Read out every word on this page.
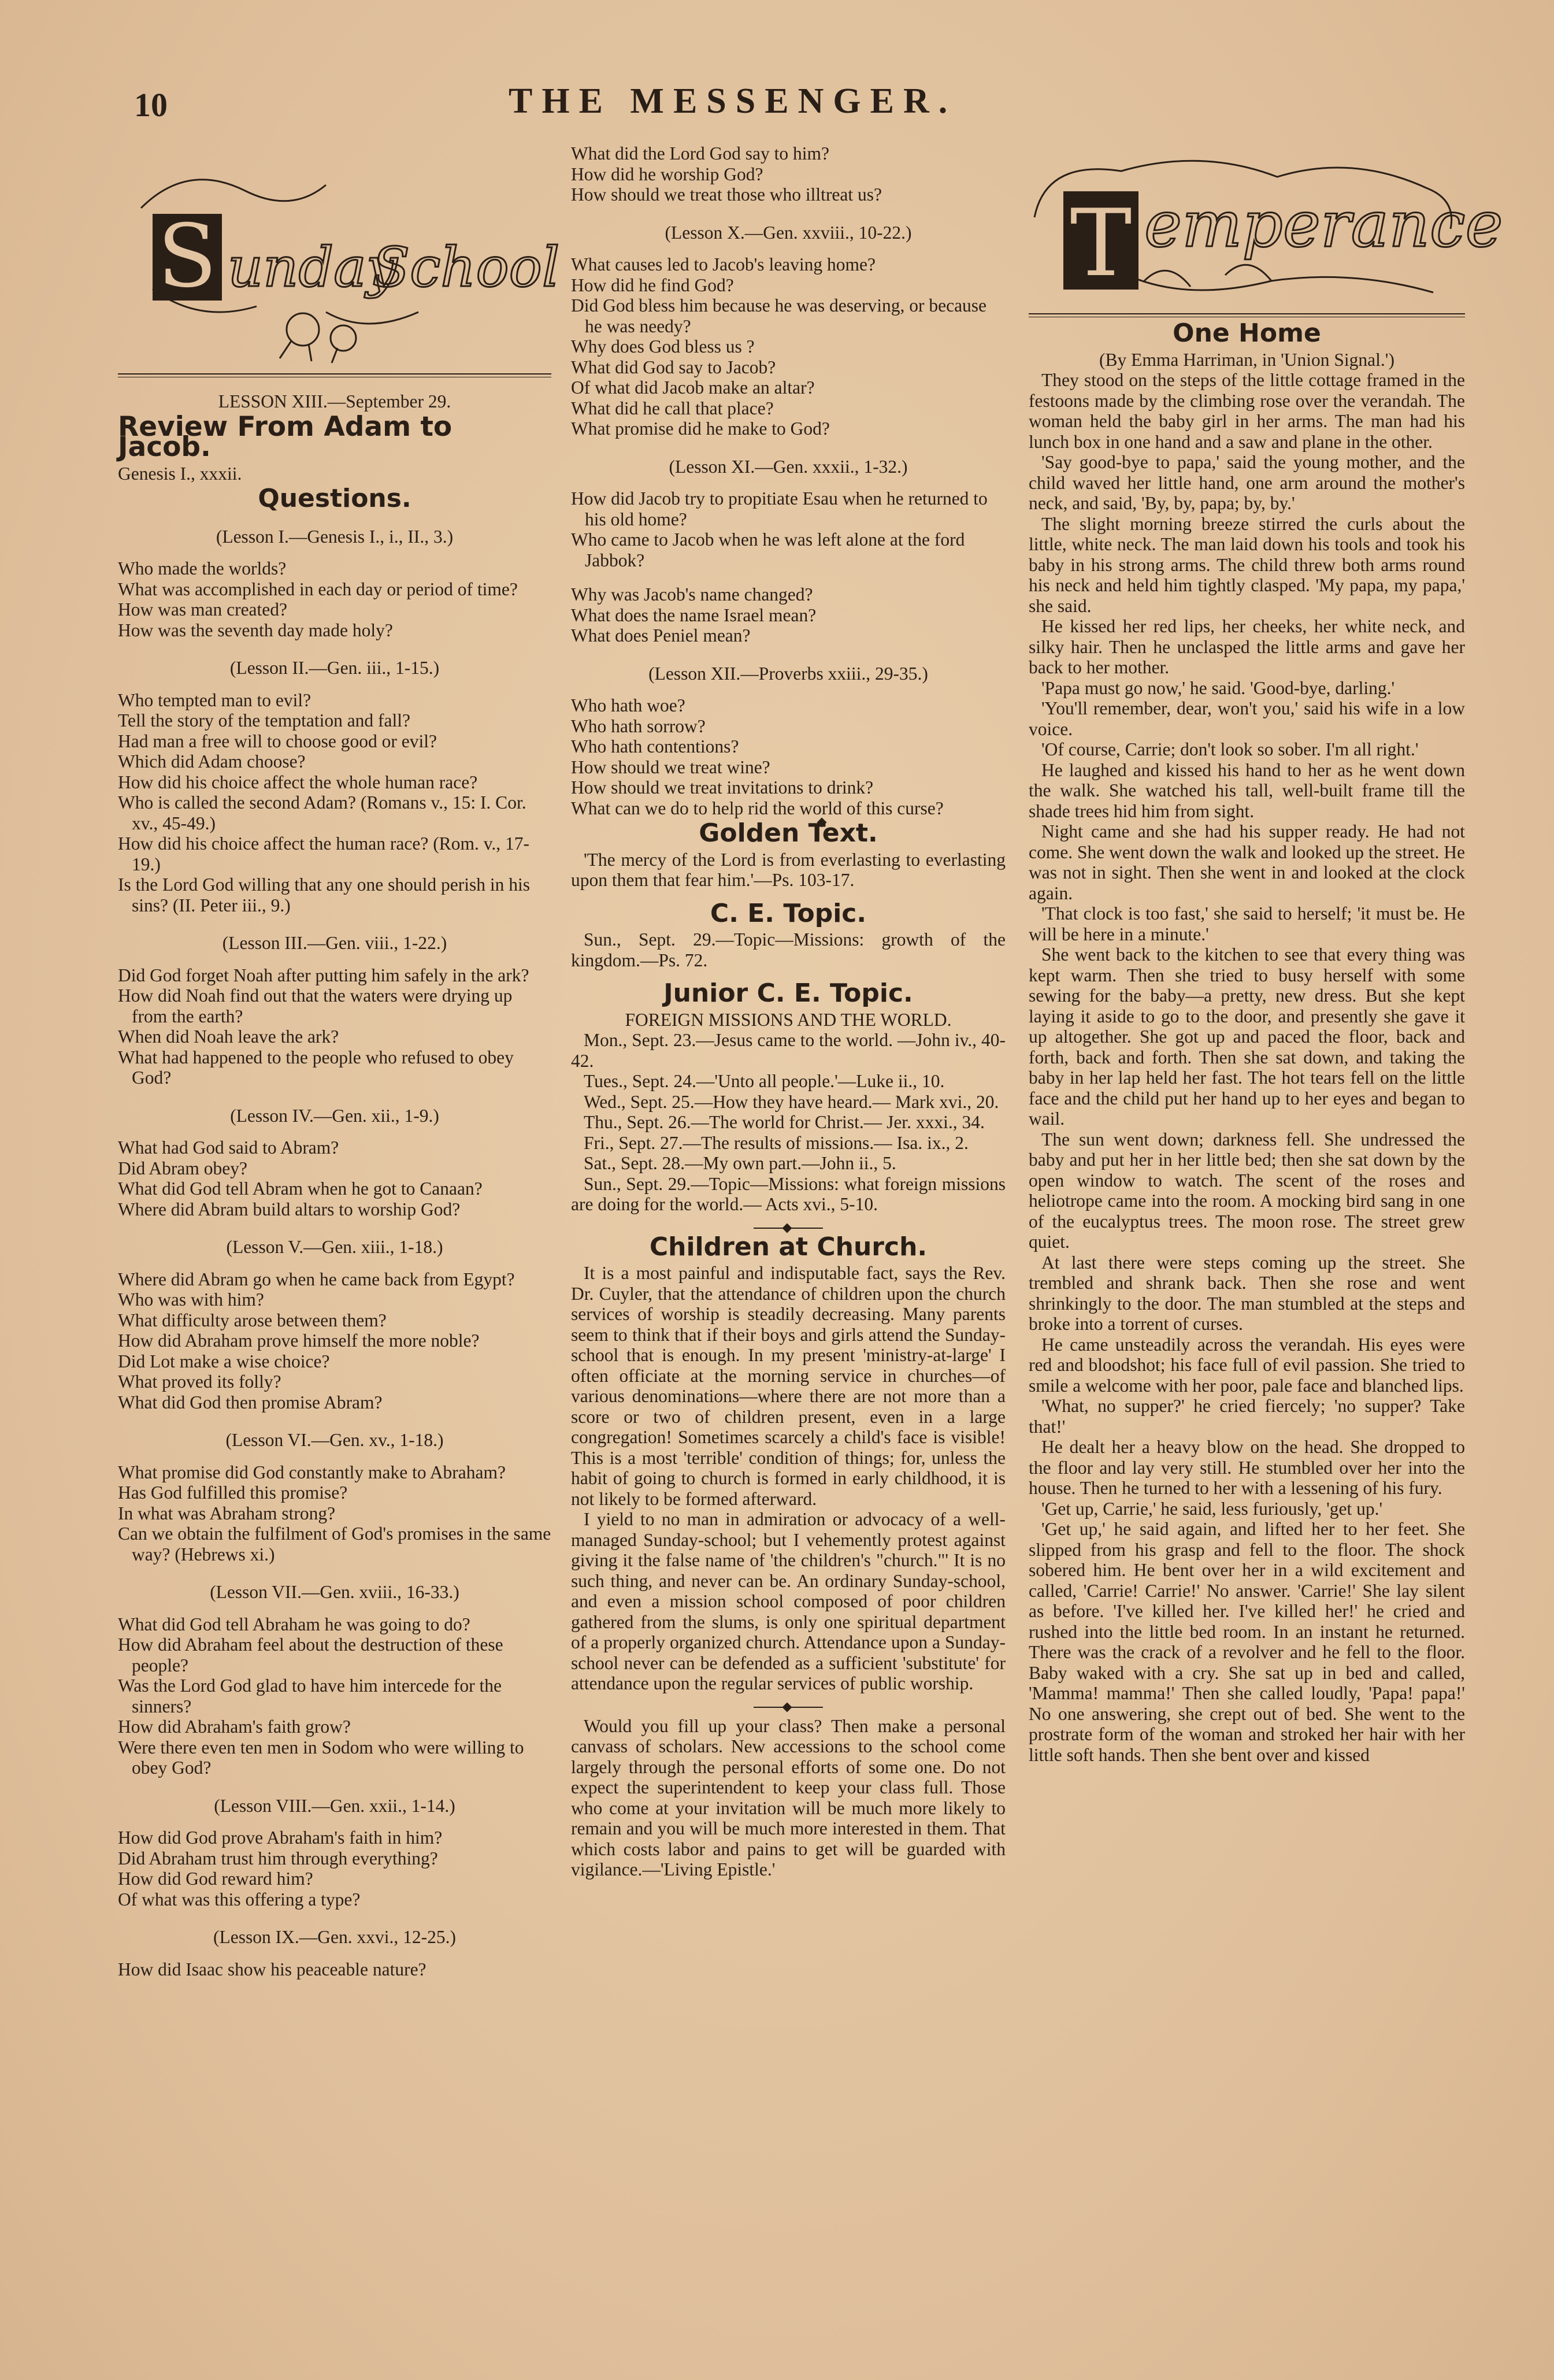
10	THE MESSENGER.
S unday
School

LESSON XIII.—September 29.

Review From Adam to Jacob.

Genesis I., xxxii.

Questions.

(Lesson I.—Genesis I., i., II., 3.)

Who made the worlds?

What was accomplished in each day or period of time?

How was man created?

How was the seventh day made holy?

(Lesson II.—Gen. iii., 1-15.)

Who tempted man to evil?

Tell the story of the temptation and fall?

Had man a free will to choose good or evil?

Which did Adam choose?

How did his choice affect the whole human race?

Who is called the second Adam? (Romans v., 15: I. Cor. xv., 45-49.)

How did his choice affect the human race? (Rom. v., 17-19.)

Is the Lord God willing that any one should perish in his sins? (II. Peter iii., 9.)

(Lesson III.—Gen. viii., 1-22.)

Did God forget Noah after putting him safely in the ark?

How did Noah find out that the waters were drying up from the earth?

When did Noah leave the ark?

What had happened to the people who refused to obey God?

(Lesson IV.—Gen. xii., 1-9.)

What had God said to Abram?

Did Abram obey?

What did God tell Abram when he got to Canaan?

Where did Abram build altars to worship God?

(Lesson V.—Gen. xiii., 1-18.)

Where did Abram go when he came back from Egypt?

Who was with him?

What difficulty arose between them?

How did Abraham prove himself the more noble?

Did Lot make a wise choice?

What proved its folly?

What did God then promise Abram?

(Lesson VI.—Gen. xv., 1-18.)

What promise did God constantly make to Abraham?

Has God fulfilled this promise?

In what was Abraham strong?

Can we obtain the fulfilment of God's promises in the same way? (Hebrews xi.)

(Lesson VII.—Gen. xviii., 16-33.)

What did God tell Abraham he was going to do?

How did Abraham feel about the destruction of these people?

Was the Lord God glad to have him intercede for the sinners?

How did Abraham's faith grow?

Were there even ten men in Sodom who were willing to obey God?

(Lesson VIII.—Gen. xxii., 1-14.)

How did God prove Abraham's faith in him?

Did Abraham trust him through everything?

How did God reward him?

Of what was this offering a type?

(Lesson IX.—Gen. xxvi., 12-25.)

How did Isaac show his peaceable nature?

What did the Lord God say to him?

How did he worship God?

How should we treat those who illtreat us?

(Lesson X.—Gen. xxviii., 10-22.)

What causes led to Jacob's leaving home?

How did he find God?

Did God bless him because he was deserving, or because he was needy?

Why does God bless us ?

What did God say to Jacob?

Of what did Jacob make an altar?

What did he call that place?

What promise did he make to God?

(Lesson XI.—Gen. xxxii., 1-32.)

How did Jacob try to propitiate Esau when he returned to his old home?

Who came to Jacob when he was left alone at the ford Jabbok?

Why was Jacob's name changed?

What does the name Israel mean?

What does Peniel mean?

(Lesson XII.—Proverbs xxiii., 29-35.)

Who hath woe?

Who hath sorrow?

Who hath contentions?

How should we treat wine?

How should we treat invitations to drink?

What can we do to help rid the world of this curse?

Golden Text.

'The mercy of the Lord is from everlasting to everlasting upon them that fear him.'—Ps. 103-17.

C. E. Topic.

Sun., Sept. 29.—Topic—Missions: growth of the kingdom.—Ps. 72.

Junior C. E. Topic.

FOREIGN MISSIONS AND THE WORLD.

Mon., Sept. 23.—Jesus came to the world. —John iv., 40-42.

Tues., Sept. 24.—'Unto all people.'—Luke ii., 10.

Wed., Sept. 25.—How they have heard.— Mark xvi., 20.

Thu., Sept. 26.—The world for Christ.— Jer. xxxi., 34.

Fri., Sept. 27.—The results of missions.— Isa. ix., 2.

Sat., Sept. 28.—My own part.—John ii., 5.

Sun., Sept. 29.—Topic—Missions: what foreign missions are doing for the world.— Acts xvi., 5-10.

Children at Church.

It is a most painful and indisputable fact, says the Rev. Dr. Cuyler, that the attendance of children upon the church services of worship is steadily decreasing. Many parents seem to think that if their boys and girls attend the Sunday-school that is enough. In my present 'ministry-at-large' I often officiate at the morning service in churches—of various denominations—where there are not more than a score or two of children present, even in a large congregation! Sometimes scarcely a child's face is visible! This is a most 'terrible' condition of things; for, unless the habit of going to church is formed in early childhood, it is not likely to be formed afterward.

I yield to no man in admiration or advocacy of a well-managed Sunday-school; but I vehemently protest against giving it the false name of 'the children's "church."' It is no such thing, and never can be. An ordinary Sunday-school, and even a mission school composed of poor children gathered from the slums, is only one spiritual department of a properly organized church. Attendance upon a Sunday-school never can be defended as a sufficient 'substitute' for attendance upon the regular services of public worship.

Would you fill up your class? Then make a personal canvass of scholars. New accessions to the school come largely through the personal efforts of some one. Do not expect the superintendent to keep your class full. Those who come at your invitation will be much more likely to remain and you will be much more interested in them. That which costs labor and pains to get will be guarded with vigilance.—'Living Epistle.'

T emperance
One Home

(By Emma Harriman, in 'Union Signal.')

They stood on the steps of the little cottage framed in the festoons made by the climbing rose over the verandah. The woman held the baby girl in her arms. The man had his lunch box in one hand and a saw and plane in the other.

'Say good-bye to papa,' said the young mother, and the child waved her little hand, one arm around the mother's neck, and said, 'By, by, papa; by, by.'

The slight morning breeze stirred the curls about the little, white neck. The man laid down his tools and took his baby in his strong arms. The child threw both arms round his neck and held him tightly clasped. 'My papa, my papa,' she said.

He kissed her red lips, her cheeks, her white neck, and silky hair. Then he unclasped the little arms and gave her back to her mother.

'Papa must go now,' he said. 'Good-bye, darling.'

'You'll remember, dear, won't you,' said his wife in a low voice.

'Of course, Carrie; don't look so sober. I'm all right.'

He laughed and kissed his hand to her as he went down the walk. She watched his tall, well-built frame till the shade trees hid him from sight.

Night came and she had his supper ready. He had not come. She went down the walk and looked up the street. He was not in sight. Then she went in and looked at the clock again.

'That clock is too fast,' she said to herself; 'it must be. He will be here in a minute.'

She went back to the kitchen to see that every thing was kept warm. Then she tried to busy herself with some sewing for the baby—a pretty, new dress. But she kept laying it aside to go to the door, and presently she gave it up altogether. She got up and paced the floor, back and forth, back and forth. Then she sat down, and taking the baby in her lap held her fast. The hot tears fell on the little face and the child put her hand up to her eyes and began to wail.

The sun went down; darkness fell. She undressed the baby and put her in her little bed; then she sat down by the open window to watch. The scent of the roses and heliotrope came into the room. A mocking bird sang in one of the eucalyptus trees. The moon rose. The street grew quiet.

At last there were steps coming up the street. She trembled and shrank back. Then she rose and went shrinkingly to the door. The man stumbled at the steps and broke into a torrent of curses.

He came unsteadily across the verandah. His eyes were red and bloodshot; his face full of evil passion. She tried to smile a welcome with her poor, pale face and blanched lips.

'What, no supper?' he cried fiercely; 'no supper? Take that!'

He dealt her a heavy blow on the head. She dropped to the floor and lay very still. He stumbled over her into the house. Then he turned to her with a lessening of his fury.

'Get up, Carrie,' he said, less furiously, 'get up.'

'Get up,' he said again, and lifted her to her feet. She slipped from his grasp and fell to the floor. The shock sobered him. He bent over her in a wild excitement and called, 'Carrie! Carrie!' No answer. 'Carrie!' She lay silent as before. 'I've killed her. I've killed her!' he cried and rushed into the little bed room. In an instant he returned. There was the crack of a revolver and he fell to the floor. Baby waked with a cry. She sat up in bed and called, 'Mamma! mamma!' Then she called loudly, 'Papa! papa!' No one answering, she crept out of bed. She went to the prostrate form of the woman and stroked her hair with her little soft hands. Then she bent over and kissed
